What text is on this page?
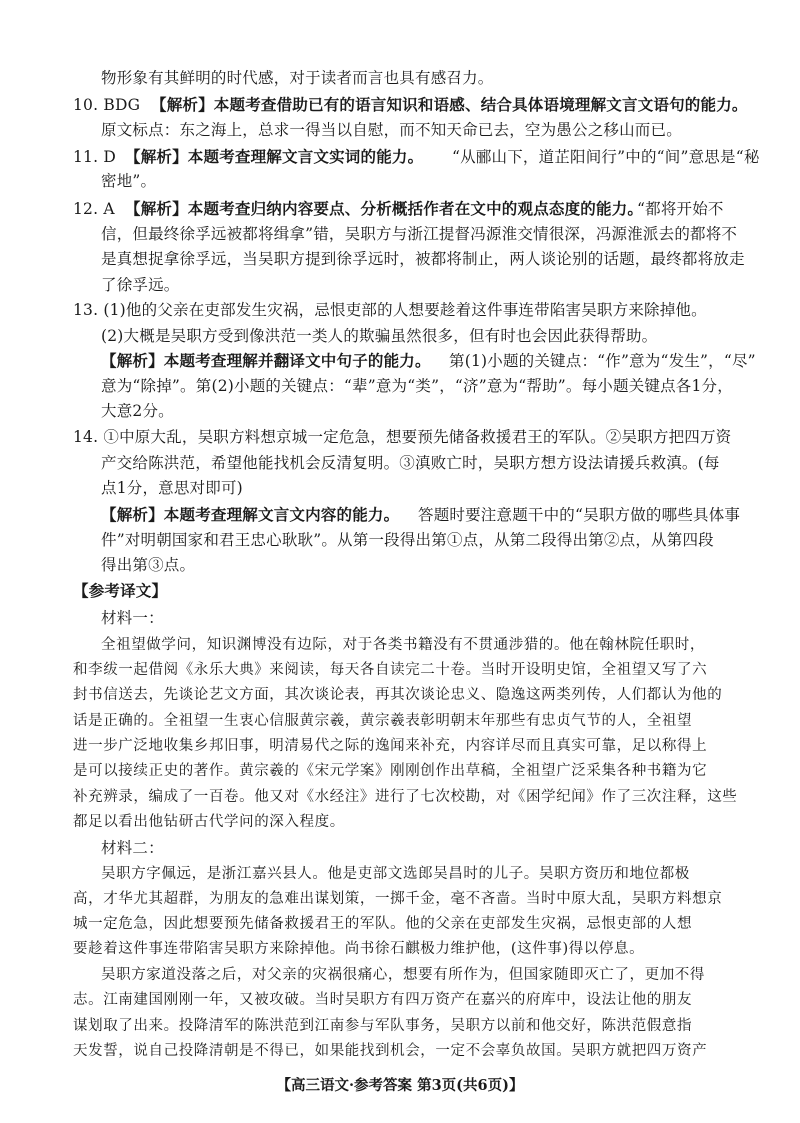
物形象有其鲜明的时代感，对于读者而言也具有感召力。
10. BDG 【解析】本题考查借助已有的语言知识和语感、结合具体语境理解文言文语句的能力。
原文标点：东之海上，总求一得当以自慰，而不知天命已去，空为愚公之移山而已。
11. D 【解析】本题考查理解文言文实词的能力。 “从郦山下，道芷阳间行”中的“间”意思是“秘
密地”。
12. A 【解析】本题考查归纳内容要点、分析概括作者在文中的观点态度的能力。
“都将开始不
信，但最终徐孚远被都将缉拿”错，吴职方与浙江提督冯源淮交情很深，冯源淮派去的都将不
是真想捉拿徐孚远，当吴职方提到徐孚远时，被都将制止，两人谈论别的话题，最终都将放走
了徐孚远。
13. (1)他的父亲在吏部发生灾祸，忌恨吏部的人想要趁着这件事连带陷害吴职方来除掉他。
(2)大概是吴职方受到像洪范一类人的欺骗虽然很多，但有时也会因此获得帮助。
【解析】本题考查理解并翻译文中句子的能力。 第(1)小题的关键点：“作”意为“发生”，“尽”
意为“除掉”。第(2)小题的关键点：“辈”意为“类”，“济”意为“帮助”。每小题关键点各1分，
大意2分。
14. ①中原大乱，吴职方料想京城一定危急，想要预先储备救援君王的军队。②吴职方把四万资
产交给陈洪范，希望他能找机会反清复明。③滇败亡时，吴职方想方设法请援兵救滇。(每
点1分，意思对即可)
【解析】本题考查理解文言文内容的能力。 答题时要注意题干中的“吴职方做的哪些具体事
件”对明朝国家和君王忠心耿耿”。从第一段得出第①点，从第二段得出第②点，从第四段
得出第③点。
【参考译文】
材料一：
全祖望做学问，知识渊博没有边际，对于各类书籍没有不贯通涉猎的。他在翰林院任职时，
和李绂一起借阅《永乐大典》来阅读，每天各自读完二十卷。当时开设明史馆，全祖望又写了六
封书信送去，先谈论艺文方面，其次谈论表，再其次谈论忠义、隐逸这两类列传，人们都认为他的
话是正确的。全祖望一生衷心信服黄宗羲，黄宗羲表彰明朝末年那些有忠贞气节的人，全祖望
进一步广泛地收集乡邦旧事，明清易代之际的逸闻来补充，内容详尽而且真实可靠，足以称得上
是可以接续正史的著作。黄宗羲的《宋元学案》刚刚创作出草稿，全祖望广泛采集各种书籍为它
补充辨录，编成了一百卷。他又对《水经注》进行了七次校勘，对《困学纪闻》作了三次注释，这些
都足以看出他钻研古代学问的深入程度。
材料二：
吴职方字佩远，是浙江嘉兴县人。他是吏部文选郎吴昌时的儿子。吴职方资历和地位都极
高，才华尤其超群，为朋友的急难出谋划策，一掷千金，毫不吝啬。当时中原大乱，吴职方料想京
城一定危急，因此想要预先储备救援君王的军队。他的父亲在吏部发生灾祸，忌恨吏部的人想
要趁着这件事连带陷害吴职方来除掉他。尚书徐石麒极力维护他，(这件事)得以停息。
吴职方家道没落之后，对父亲的灾祸很痛心，想要有所作为，但国家随即灭亡了，更加不得
志。江南建国刚刚一年，又被攻破。当时吴职方有四万资产在嘉兴的府库中，设法让他的朋友
谋划取了出来。投降清军的陈洪范到江南参与军队事务，吴职方以前和他交好，陈洪范假意指
天发誓，说自己投降清朝是不得已，如果能找到机会，一定不会辜负故国。吴职方就把四万资产
【高三语文·参考答案 第3页(共6页)】
